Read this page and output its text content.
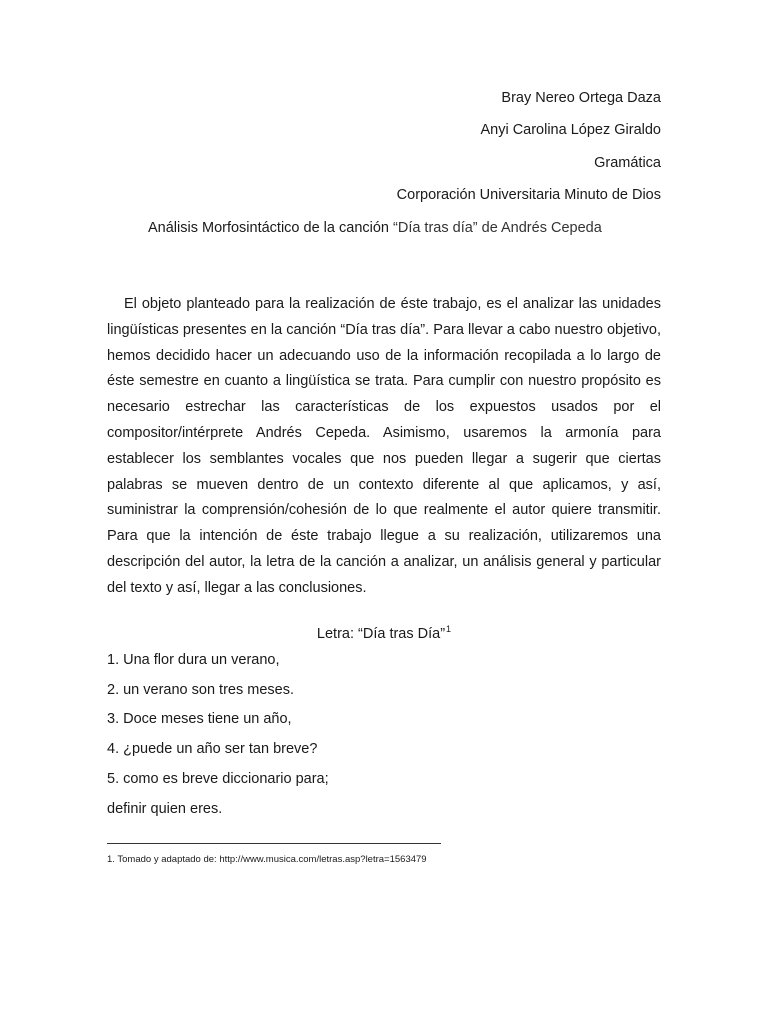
Bray Nereo Ortega Daza
Anyi Carolina López Giraldo
Gramática
Corporación Universitaria Minuto de Dios
Análisis Morfosintáctico de la canción “Día tras día” de Andrés Cepeda

El objeto planteado para la realización de éste trabajo, es el analizar las unidades lingüísticas presentes en la canción “Día tras día”. Para llevar a cabo nuestro objetivo, hemos decidido hacer un adecuando uso de la información recopilada a lo largo de éste semestre en cuanto a lingüística se trata. Para cumplir con nuestro propósito es necesario estrechar las características de los expuestos usados por el compositor/intérprete Andrés Cepeda. Asimismo, usaremos la armonía para establecer los semblantes vocales que nos pueden llegar a sugerir que ciertas palabras se mueven dentro de un contexto diferente al que aplicamos, y así, suministrar la comprensión/cohesión de lo que realmente el autor quiere transmitir. Para que la intención de éste trabajo llegue a su realización, utilizaremos una descripción del autor, la letra de la canción a analizar, un análisis general y particular del texto y así, llegar a las conclusiones.

Letra: “Día tras Día”$^1$
1. Una flor dura un verano,
2. un verano son tres meses.
3. Doce meses tiene un año,
4. ¿puede un año ser tan breve?
5. como es breve diccionario para;
definir quien eres.
1. Tomado y adaptado de: http://www.musica.com/letras.asp?letra=1563479
